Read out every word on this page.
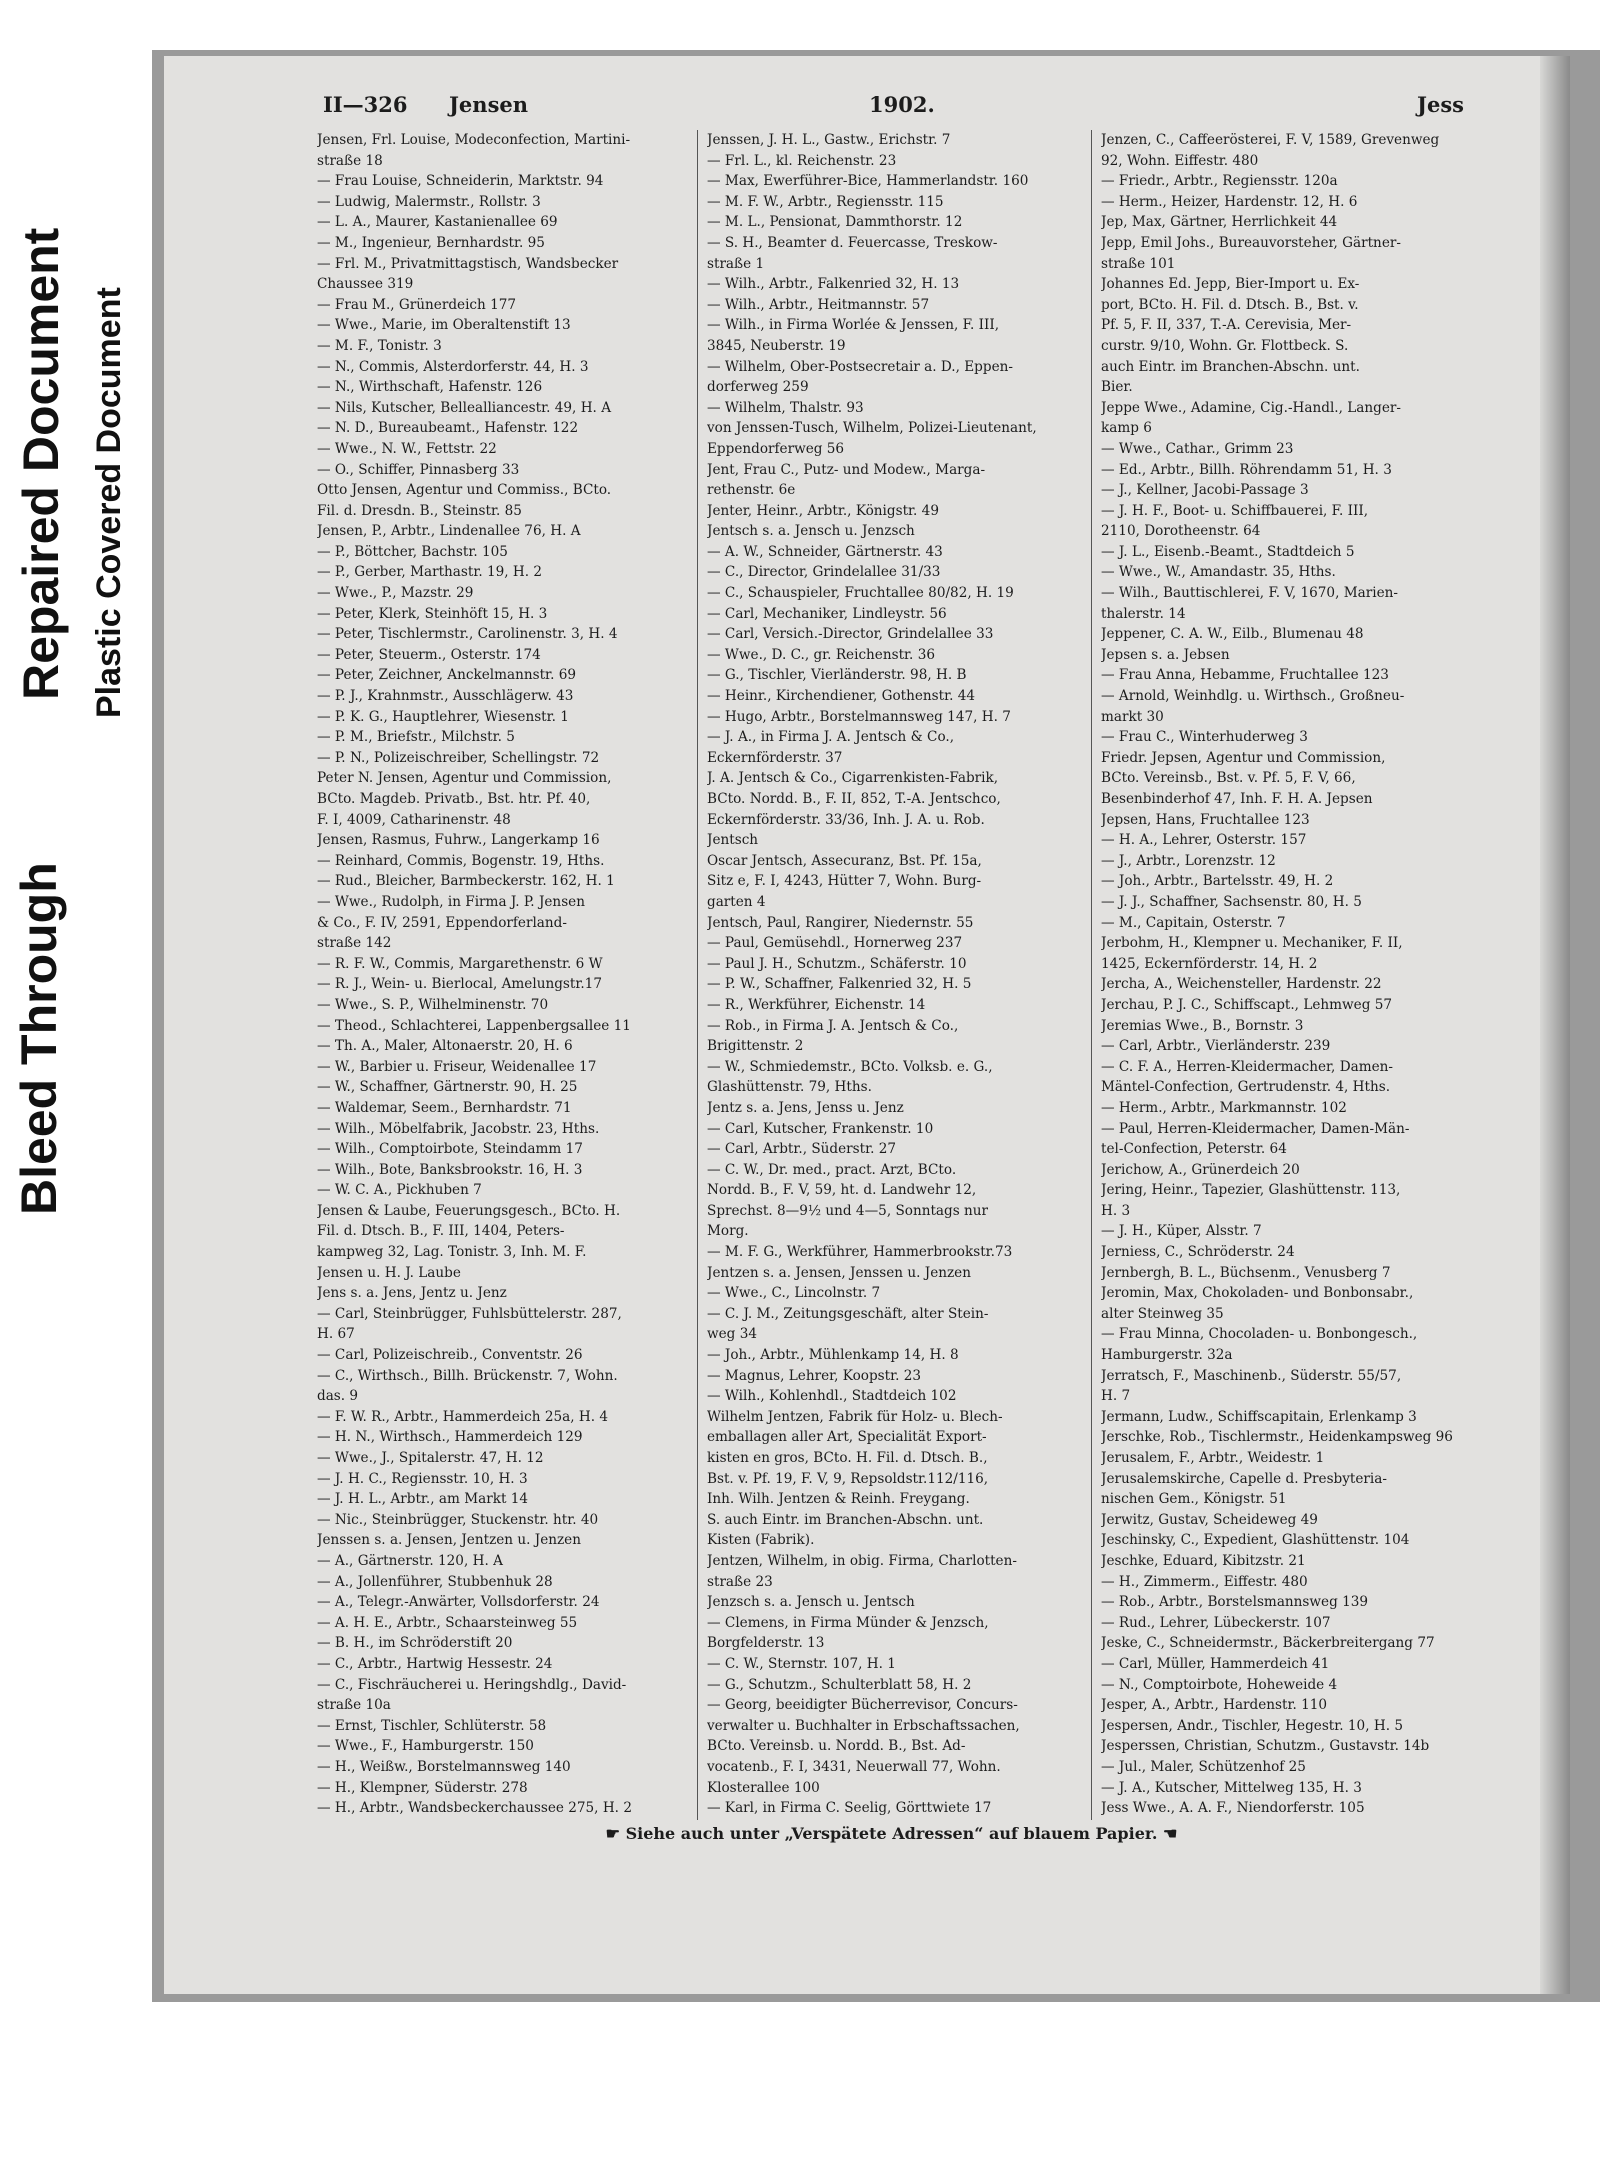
Bleed Through
Repaired Document Plastic Covered Document
II—326 Jensen	1902.	Jess
Jensen, Frl. Louise, Modeconfection, Martini-
straße 18
— Frau Louise, Schneiderin, Marktstr. 94
— Ludwig, Malermstr., Rollstr. 3
— L. A., Maurer, Kastanienallee 69
— M., Ingenieur, Bernhardstr. 95
— Frl. M., Privatmittagstisch, Wandsbecker
Chaussee 319
— Frau M., Grünerdeich 177
— Wwe., Marie, im Oberaltenstift 13
— M. F., Tonistr. 3
— N., Commis, Alsterdorferstr. 44, H. 3
— N., Wirthschaft, Hafenstr. 126
— Nils, Kutscher, Bellealliancestr. 49, H. A
— N. D., Bureaubeamt., Hafenstr. 122
— Wwe., N. W., Fettstr. 22
— O., Schiffer, Pinnasberg 33
Otto Jensen, Agentur und Commiss., BCto.
Fil. d. Dresdn. B., Steinstr. 85
Jensen, P., Arbtr., Lindenallee 76, H. A
— P., Böttcher, Bachstr. 105
— P., Gerber, Marthastr. 19, H. 2
— Wwe., P., Mazstr. 29
— Peter, Klerk, Steinhöft 15, H. 3
— Peter, Tischlermstr., Carolinenstr. 3, H. 4
— Peter, Steuerm., Osterstr. 174
— Peter, Zeichner, Anckelmannstr. 69
— P. J., Krahnmstr., Ausschlägerw. 43
— P. K. G., Hauptlehrer, Wiesenstr. 1
— P. M., Briefstr., Milchstr. 5
— P. N., Polizeischreiber, Schellingstr. 72
Peter N. Jensen, Agentur und Commission,
BCto. Magdeb. Privatb., Bst. htr. Pf. 40,
F. I, 4009, Catharinenstr. 48
Jensen, Rasmus, Fuhrw., Langerkamp 16
— Reinhard, Commis, Bogenstr. 19, Hths.
— Rud., Bleicher, Barmbeckerstr. 162, H. 1
— Wwe., Rudolph, in Firma J. P. Jensen
& Co., F. IV, 2591, Eppendorferland-
straße 142
— R. F. W., Commis, Margarethenstr. 6 W
— R. J., Wein- u. Bierlocal, Amelungstr.17
— Wwe., S. P., Wilhelminenstr. 70
— Theod., Schlachterei, Lappenbergsallee 11
— Th. A., Maler, Altonaerstr. 20, H. 6
— W., Barbier u. Friseur, Weidenallee 17
— W., Schaffner, Gärtnerstr. 90, H. 25
— Waldemar, Seem., Bernhardstr. 71
— Wilh., Möbelfabrik, Jacobstr. 23, Hths.
— Wilh., Comptoirbote, Steindamm 17
— Wilh., Bote, Banksbrookstr. 16, H. 3
— W. C. A., Pickhuben 7
Jensen & Laube, Feuerungsgesch., BCto. H.
Fil. d. Dtsch. B., F. III, 1404, Peters-
kampweg 32, Lag. Tonistr. 3, Inh. M. F.
Jensen u. H. J. Laube
Jens s. a. Jens, Jentz u. Jenz
— Carl, Steinbrügger, Fuhlsbüttelerstr. 287,
H. 67
— Carl, Polizeischreib., Conventstr. 26
— C., Wirthsch., Billh. Brückenstr. 7, Wohn.
das. 9
— F. W. R., Arbtr., Hammerdeich 25a, H. 4
— H. N., Wirthsch., Hammerdeich 129
— Wwe., J., Spitalerstr. 47, H. 12
— J. H. C., Regiensstr. 10, H. 3
— J. H. L., Arbtr., am Markt 14
— Nic., Steinbrügger, Stuckenstr. htr. 40
Jenssen s. a. Jensen, Jentzen u. Jenzen
— A., Gärtnerstr. 120, H. A
— A., Jollenführer, Stubbenhuk 28
— A., Telegr.-Anwärter, Vollsdorferstr. 24
— A. H. E., Arbtr., Schaarsteinweg 55
— B. H., im Schröderstift 20
— C., Arbtr., Hartwig Hessestr. 24
— C., Fischräucherei u. Heringshdlg., David-
straße 10a
— Ernst, Tischler, Schlüterstr. 58
— Wwe., F., Hamburgerstr. 150
— H., Weißw., Borstelmannsweg 140
— H., Klempner, Süderstr. 278
— H., Arbtr., Wandsbeckerchaussee 275, H. 2
Jenssen, J. H. L., Gastw., Erichstr. 7
— Frl. L., kl. Reichenstr. 23
— Max, Ewerführer-Bice, Hammerlandstr. 160
— M. F. W., Arbtr., Regiensstr. 115
— M. L., Pensionat, Dammthorstr. 12
— S. H., Beamter d. Feuercasse, Treskow-
straße 1
— Wilh., Arbtr., Falkenried 32, H. 13
— Wilh., Arbtr., Heitmannstr. 57
— Wilh., in Firma Worlée & Jenssen, F. III,
3845, Neuberstr. 19
— Wilhelm, Ober-Postsecretair a. D., Eppen-
dorferweg 259
— Wilhelm, Thalstr. 93
von Jenssen-Tusch, Wilhelm, Polizei-Lieutenant,
Eppendorferweg 56
Jent, Frau C., Putz- und Modew., Marga-
rethenstr. 6e
Jenter, Heinr., Arbtr., Königstr. 49
Jentsch s. a. Jensch u. Jenzsch
— A. W., Schneider, Gärtnerstr. 43
— C., Director, Grindelallee 31/33
— C., Schauspieler, Fruchtallee 80/82, H. 19
— Carl, Mechaniker, Lindleystr. 56
— Carl, Versich.-Director, Grindelallee 33
— Wwe., D. C., gr. Reichenstr. 36
— G., Tischler, Vierländerstr. 98, H. B
— Heinr., Kirchendiener, Gothenstr. 44
— Hugo, Arbtr., Borstelmannsweg 147, H. 7
— J. A., in Firma J. A. Jentsch & Co.,
Eckernförderstr. 37
J. A. Jentsch & Co., Cigarrenkisten-Fabrik,
BCto. Nordd. B., F. II, 852, T.-A. Jentschco,
Eckernförderstr. 33/36, Inh. J. A. u. Rob.
Jentsch
Oscar Jentsch, Assecuranz, Bst. Pf. 15a,
Sitz e, F. I, 4243, Hütter 7, Wohn. Burg-
garten 4
Jentsch, Paul, Rangirer, Niedernstr. 55
— Paul, Gemüsehdl., Hornerweg 237
— Paul J. H., Schutzm., Schäferstr. 10
— P. W., Schaffner, Falkenried 32, H. 5
— R., Werkführer, Eichenstr. 14
— Rob., in Firma J. A. Jentsch & Co.,
Brigittenstr. 2
— W., Schmiedemstr., BCto. Volksb. e. G.,
Glashüttenstr. 79, Hths.
Jentz s. a. Jens, Jenss u. Jenz
— Carl, Kutscher, Frankenstr. 10
— Carl, Arbtr., Süderstr. 27
— C. W., Dr. med., pract. Arzt, BCto.
Nordd. B., F. V, 59, ht. d. Landwehr 12,
Sprechst. 8—9½ und 4—5, Sonntags nur
Morg.
— M. F. G., Werkführer, Hammerbrookstr.73
Jentzen s. a. Jensen, Jenssen u. Jenzen
— Wwe., C., Lincolnstr. 7
— C. J. M., Zeitungsgeschäft, alter Stein-
weg 34
— Joh., Arbtr., Mühlenkamp 14, H. 8
— Magnus, Lehrer, Koopstr. 23
— Wilh., Kohlenhdl., Stadtdeich 102
Wilhelm Jentzen, Fabrik für Holz- u. Blech-
emballagen aller Art, Specialität Export-
kisten en gros, BCto. H. Fil. d. Dtsch. B.,
Bst. v. Pf. 19, F. V, 9, Repsoldstr.112/116,
Inh. Wilh. Jentzen & Reinh. Freygang.
S. auch Eintr. im Branchen-Abschn. unt.
Kisten (Fabrik).
Jentzen, Wilhelm, in obig. Firma, Charlotten-
straße 23
Jenzsch s. a. Jensch u. Jentsch
— Clemens, in Firma Münder & Jenzsch,
Borgfelderstr. 13
— C. W., Sternstr. 107, H. 1
— G., Schutzm., Schulterblatt 58, H. 2
— Georg, beeidigter Bücherrevisor, Concurs-
verwalter u. Buchhalter in Erbschaftssachen,
BCto. Vereinsb. u. Nordd. B., Bst. Ad-
vocatenb., F. I, 3431, Neuerwall 77, Wohn.
Klosterallee 100
— Karl, in Firma C. Seelig, Görttwiete 17
Jenzen, C., Caffeerösterei, F. V, 1589, Grevenweg
92, Wohn. Eiffestr. 480
— Friedr., Arbtr., Regiensstr. 120a
— Herm., Heizer, Hardenstr. 12, H. 6
Jep, Max, Gärtner, Herrlichkeit 44
Jepp, Emil Johs., Bureauvorsteher, Gärtner-
straße 101
Johannes Ed. Jepp, Bier-Import u. Ex-
port, BCto. H. Fil. d. Dtsch. B., Bst. v.
Pf. 5, F. II, 337, T.-A. Cerevisia, Mer-
curstr. 9/10, Wohn. Gr. Flottbeck. S.
auch Eintr. im Branchen-Abschn. unt.
Bier.
Jeppe Wwe., Adamine, Cig.-Handl., Langer-
kamp 6
— Wwe., Cathar., Grimm 23
— Ed., Arbtr., Billh. Röhrendamm 51, H. 3
— J., Kellner, Jacobi-Passage 3
— J. H. F., Boot- u. Schiffbauerei, F. III,
2110, Dorotheenstr. 64
— J. L., Eisenb.-Beamt., Stadtdeich 5
— Wwe., W., Amandastr. 35, Hths.
— Wilh., Bauttischlerei, F. V, 1670, Marien-
thalerstr. 14
Jeppener, C. A. W., Eilb., Blumenau 48
Jepsen s. a. Jebsen
— Frau Anna, Hebamme, Fruchtallee 123
— Arnold, Weinhdlg. u. Wirthsch., Großneu-
markt 30
— Frau C., Winterhuderweg 3
Friedr. Jepsen, Agentur und Commission,
BCto. Vereinsb., Bst. v. Pf. 5, F. V, 66,
Besenbinderhof 47, Inh. F. H. A. Jepsen
Jepsen, Hans, Fruchtallee 123
— H. A., Lehrer, Osterstr. 157
— J., Arbtr., Lorenzstr. 12
— Joh., Arbtr., Bartelsstr. 49, H. 2
— J. J., Schaffner, Sachsenstr. 80, H. 5
— M., Capitain, Osterstr. 7
Jerbohm, H., Klempner u. Mechaniker, F. II,
1425, Eckernförderstr. 14, H. 2
Jercha, A., Weichensteller, Hardenstr. 22
Jerchau, P. J. C., Schiffscapt., Lehmweg 57
Jeremias Wwe., B., Bornstr. 3
— Carl, Arbtr., Vierländerstr. 239
— C. F. A., Herren-Kleidermacher, Damen-
Mäntel-Confection, Gertrudenstr. 4, Hths.
— Herm., Arbtr., Markmannstr. 102
— Paul, Herren-Kleidermacher, Damen-Män-
tel-Confection, Peterstr. 64
Jerichow, A., Grünerdeich 20
Jering, Heinr., Tapezier, Glashüttenstr. 113,
H. 3
— J. H., Küper, Alsstr. 7
Jerniess, C., Schröderstr. 24
Jernbergh, B. L., Büchsenm., Venusberg 7
Jeromin, Max, Chokoladen- und Bonbonsabr.,
alter Steinweg 35
— Frau Minna, Chocoladen- u. Bonbongesch.,
Hamburgerstr. 32a
Jerratsch, F., Maschinenb., Süderstr. 55/57,
H. 7
Jermann, Ludw., Schiffscapitain, Erlenkamp 3
Jerschke, Rob., Tischlermstr., Heidenkampsweg 96
Jerusalem, F., Arbtr., Weidestr. 1
Jerusalemskirche, Capelle d. Presbyteria-
nischen Gem., Königstr. 51
Jerwitz, Gustav, Scheideweg 49
Jeschinsky, C., Expedient, Glashüttenstr. 104
Jeschke, Eduard, Kibitzstr. 21
— H., Zimmerm., Eiffestr. 480
— Rob., Arbtr., Borstelsmannsweg 139
— Rud., Lehrer, Lübeckerstr. 107
Jeske, C., Schneidermstr., Bäckerbreitergang 77
— Carl, Müller, Hammerdeich 41
— N., Comptoirbote, Hoheweide 4
Jesper, A., Arbtr., Hardenstr. 110
Jespersen, Andr., Tischler, Hegestr. 10, H. 5
Jesperssen, Christian, Schutzm., Gustavstr. 14b
— Jul., Maler, Schützenhof 25
— J. A., Kutscher, Mittelweg 135, H. 3
Jess Wwe., A. A. F., Niendorferstr. 105
☛ Siehe auch unter „Verspätete Adressen“ auf blauem Papier. ☚
